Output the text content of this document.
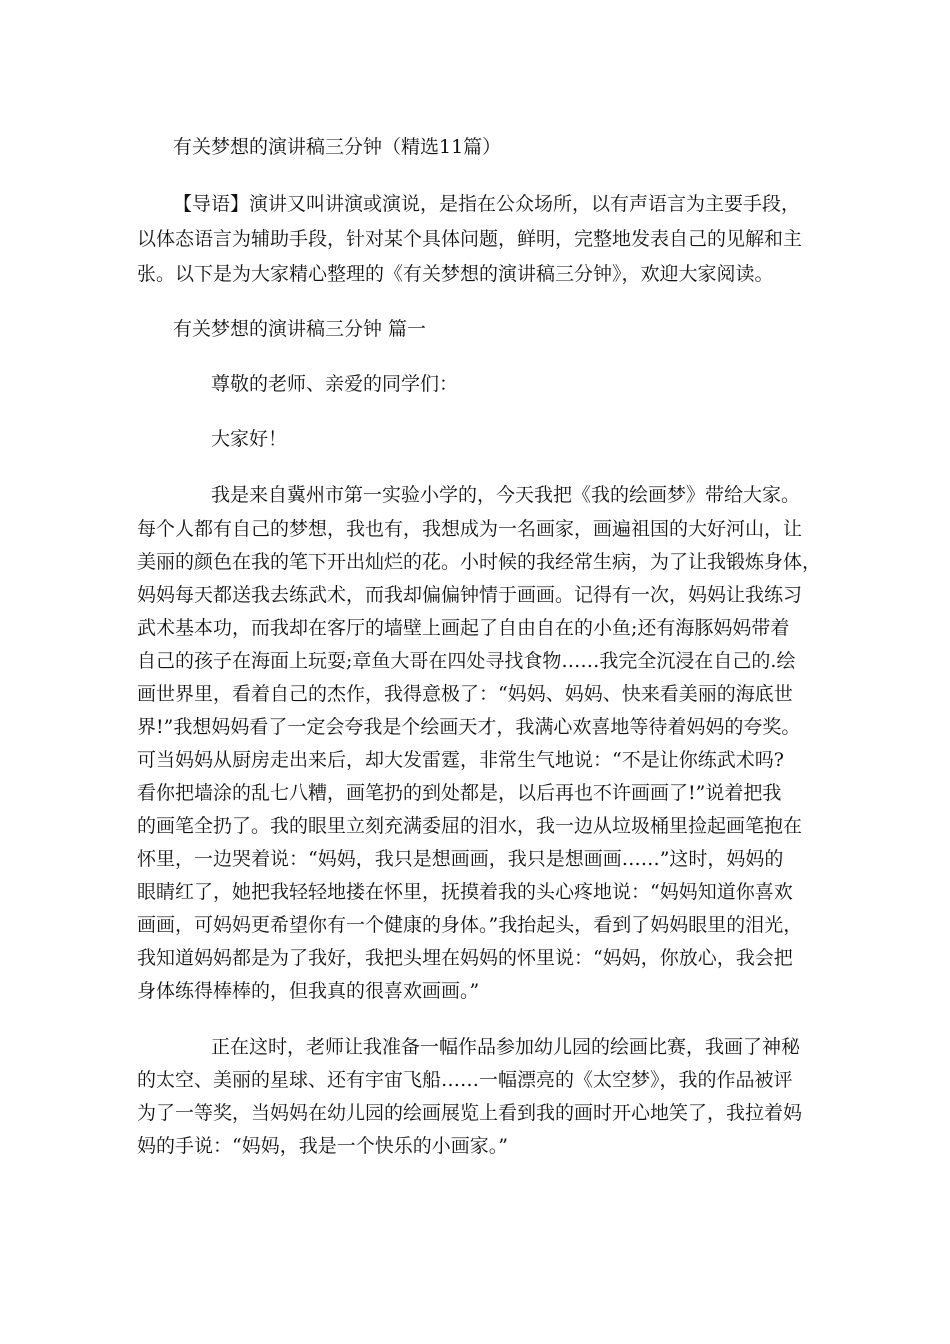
有关梦想的演讲稿三分钟（精选11篇）
【导语】演讲又叫讲演或演说，是指在公众场所，以有声语言为主要手段，
以体态语言为辅助手段，针对某个具体问题，鲜明，完整地发表自己的见解和主
张。以下是为大家精心整理的《有关梦想的演讲稿三分钟》，欢迎大家阅读。
有关梦想的演讲稿三分钟 篇一
尊敬的老师、亲爱的同学们：
大家好！
我是来自冀州市第一实验小学的，今天我把《我的绘画梦》带给大家。
每个人都有自己的梦想，我也有，我想成为一名画家，画遍祖国的大好河山，让
美丽的颜色在我的笔下开出灿烂的花。小时候的我经常生病，为了让我锻炼身体，
妈妈每天都送我去练武术，而我却偏偏钟情于画画。记得有一次，妈妈让我练习
武术基本功，而我却在客厅的墙壁上画起了自由自在的小鱼;还有海豚妈妈带着
自己的孩子在海面上玩耍;章鱼大哥在四处寻找食物……我完全沉浸在自己的.绘
画世界里，看着自己的杰作，我得意极了：“妈妈、妈妈、快来看美丽的海底世
界!”我想妈妈看了一定会夸我是个绘画天才，我满心欢喜地等待着妈妈的夸奖。
可当妈妈从厨房走出来后，却大发雷霆，非常生气地说：“不是让你练武术吗?
看你把墙涂的乱七八糟，画笔扔的到处都是，以后再也不许画画了!”说着把我
的画笔全扔了。我的眼里立刻充满委屈的泪水，我一边从垃圾桶里捡起画笔抱在
怀里，一边哭着说：“妈妈，我只是想画画，我只是想画画……”这时，妈妈的
眼睛红了，她把我轻轻地搂在怀里，抚摸着我的头心疼地说：“妈妈知道你喜欢
画画，可妈妈更希望你有一个健康的身体。”我抬起头，看到了妈妈眼里的泪光，
我知道妈妈都是为了我好，我把头埋在妈妈的怀里说：“妈妈，你放心，我会把
身体练得棒棒的，但我真的很喜欢画画。”
正在这时，老师让我准备一幅作品参加幼儿园的绘画比赛，我画了神秘
的太空、美丽的星球、还有宇宙飞船……一幅漂亮的《太空梦》，我的作品被评
为了一等奖，当妈妈在幼儿园的绘画展览上看到我的画时开心地笑了，我拉着妈
妈的手说：“妈妈，我是一个快乐的小画家。”
